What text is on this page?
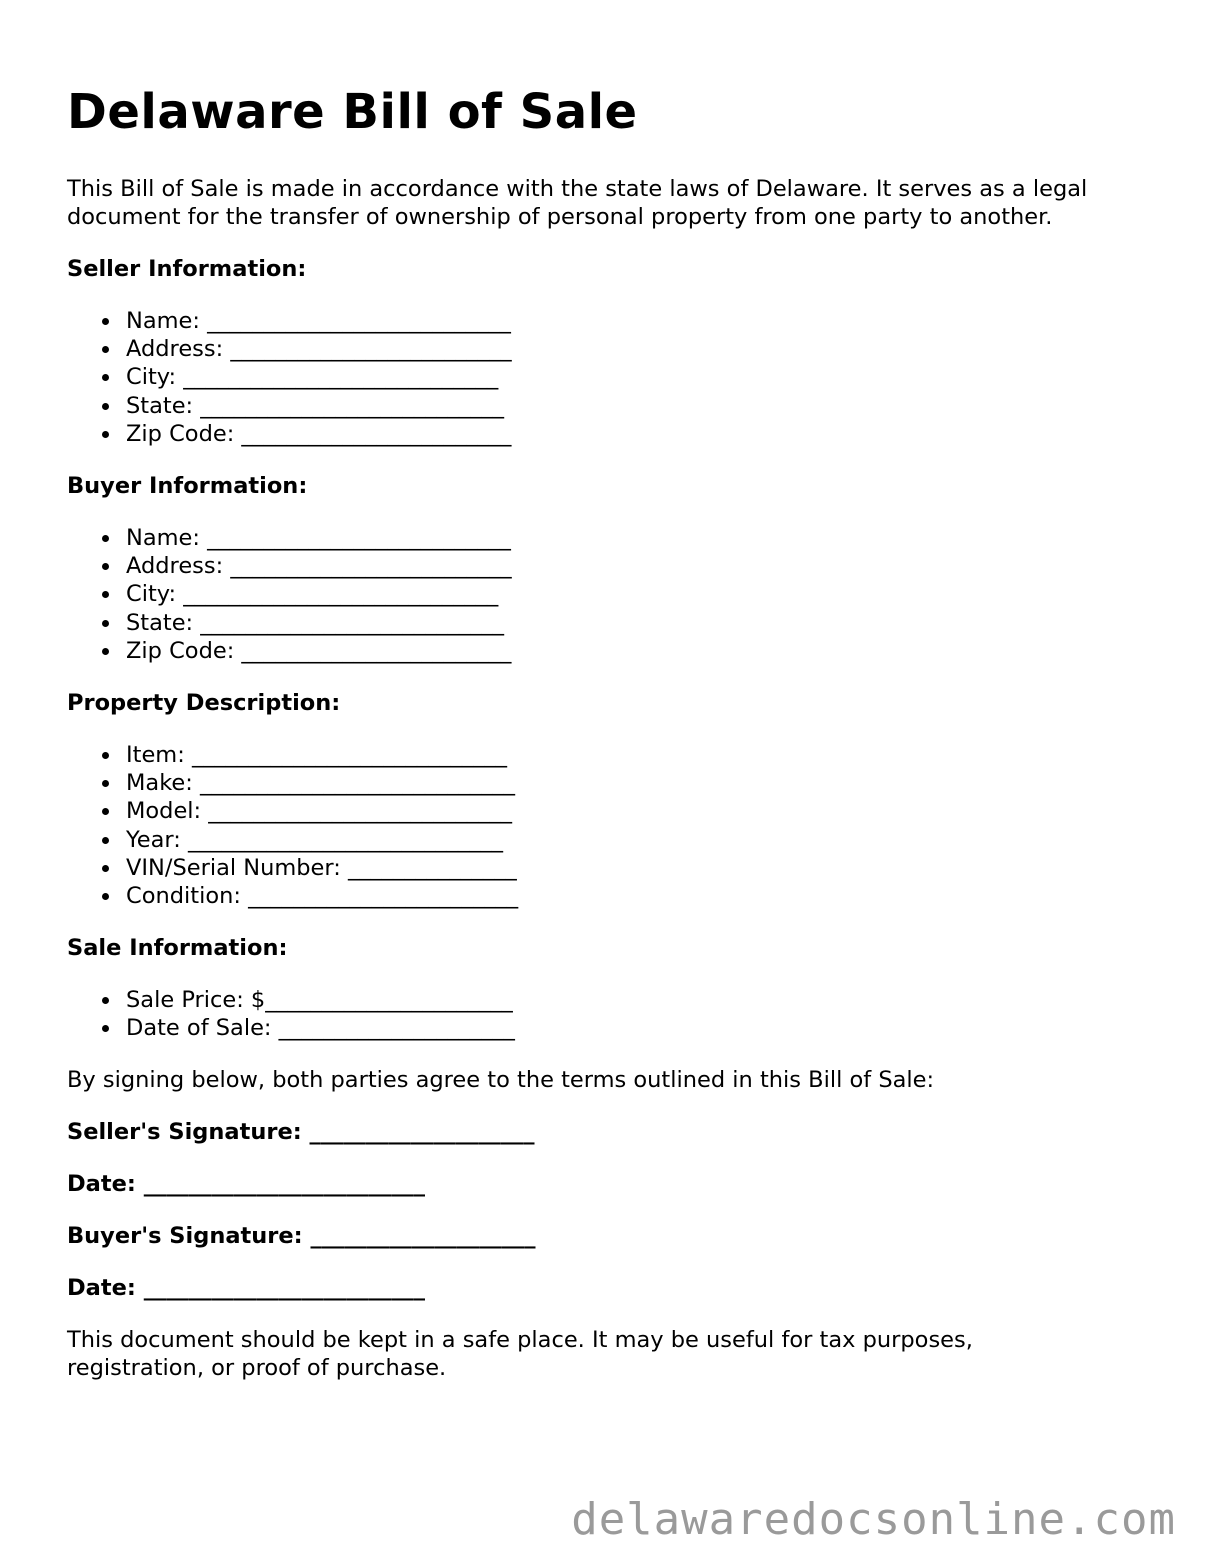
Delaware Bill of Sale

This Bill of Sale is made in accordance with the state laws of Delaware. It serves as a legal document for the transfer of ownership of personal property from one party to another.

Seller Information:

Name: ___________________________
Address: _________________________
City: ____________________________
State: ___________________________
Zip Code: ________________________

Buyer Information:

Name: ___________________________
Address: _________________________
City: ____________________________
State: ___________________________
Zip Code: ________________________

Property Description:

Item: ____________________________
Make: ____________________________
Model: ___________________________
Year: ____________________________
VIN/Serial Number: _______________
Condition: ________________________

Sale Information:

Sale Price: $______________________
Date of Sale: _____________________

By signing below, both parties agree to the terms outlined in this Bill of Sale:

Seller's Signature: ____________________

Date: _________________________

Buyer's Signature: ____________________

Date: _________________________

This document should be kept in a safe place. It may be useful for tax purposes, registration, or proof of purchase.

delawaredocsonline.com
